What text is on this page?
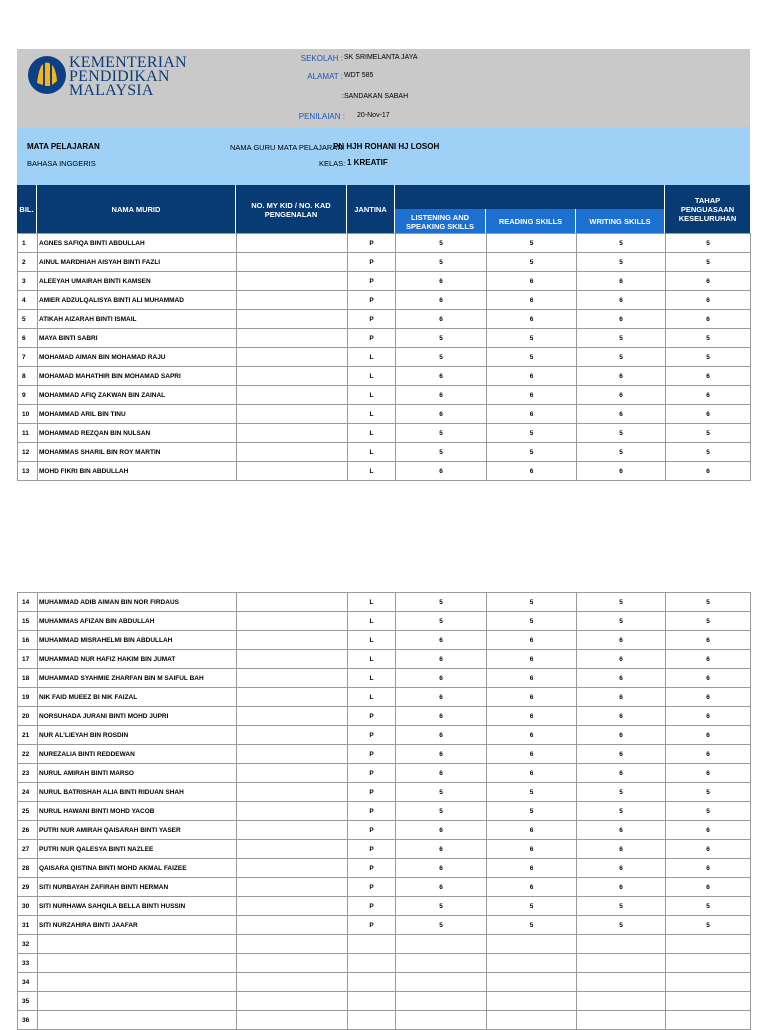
KEMENTERIAN
PENDIDIKAN
MALAYSIA
SEKOLAH : SK SRIMELANTA JAYA
ALAMAT : WDT 585
:SANDAKAN SABAH
PENILAIAN : 20-Nov-17
MATA PELAJARAN
BAHASA INGGERIS
NAMA GURU MATA PELAJARAN:
PN HJH ROHANI HJ LOSOH
KELAS: 1 KREATIF
BIL.	NAMA MURID	NO. MY KID / NO. KAD PENGENALAN	JANTINA
LISTENING AND SPEAKING SKILLS	READING SKILLS	WRITING SKILLS
TAHAP PENGUASAAN KESELURUHAN
1	AGNES SAFIQA BINTI ABDULLAH		P	5	5	5	5
2	AINUL MARDHIAH AISYAH BINTI FAZLI		P	5	5	5	5
3	ALEEYAH UMAIRAH BINTI KAMSEN		P	6	6	6	6
4	AMIER ADZULQALISYA BINTI ALI MUHAMMAD		P	6	6	6	6
5	ATIKAH AIZARAH BINTI ISMAIL		P	6	6	6	6
6	MAYA BINTI SABRI		P	5	5	5	5
7	MOHAMAD AIMAN BIN MOHAMAD RAJU		L	5	5	5	5
8	MOHAMAD MAHATHIR BIN MOHAMAD SAPRI		L	6	6	6	6
9	MOHAMMAD AFIQ ZAKWAN BIN ZAINAL		L	6	6	6	6
10	MOHAMMAD ARIL BIN TINU		L	6	6	6	6
11	MOHAMMAD REZQAN BIN NULSAN		L	5	5	5	5
12	MOHAMMAS SHARIL BIN ROY MARTIN		L	5	5	5	5
13	MOHD FIKRI BIN ABDULLAH		L	6	6	6	6
14	MUHAMMAD ADIB AIMAN BIN NOR FIRDAUS		L	5	5	5	5
15	MUHAMMAS AFIZAN BIN ABDULLAH		L	5	5	5	5
16	MUHAMMAD MISRAHELMI BIN ABDULLAH		L	6	6	6	6
17	MUHAMMAD NUR HAFIZ HAKIM BIN JUMAT		L	6	6	6	6
18	MUHAMMAD SYAHMIE ZHARFAN BIN M SAIFUL BAH		L	6	6	6	6
19	NIK FAID MUEEZ BI NIK FAIZAL		L	6	6	6	6
20	NORSUHADA JURANI BINTI MOHD JUPRI		P	6	6	6	6
21	NUR AL'LIEYAH BIN ROSDIN		P	6	6	6	6
22	NUREZALIA BINTI REDDEWAN		P	6	6	6	6
23	NURUL AMIRAH BINTI MARSO		P	6	6	6	6
24	NURUL BATRISHAH ALIA BINTI RIDUAN SHAH		P	5	5	5	5
25	NURUL HAWANI BINTI MOHD YACOB		P	5	5	5	5
26	PUTRI NUR AMIRAH QAISARAH BINTI YASER		P	6	6	6	6
27	PUTRI NUR QALESYA BINTI NAZLEE		P	6	6	6	6
28	QAISARA QISTINA BINTI MOHD AKMAL FAIZEE		P	6	6	6	6
29	SITI NURBAYAH ZAFIRAH BINTI HERMAN		P	6	6	6	6
30	SITI NURHAWA SAHQILA BELLA BINTI HUSSIN		P	5	5	5	5
31	SITI NURZAHIRA BINTI JAAFAR		P	5	5	5	5
32							
33							
34							
35							
36							
